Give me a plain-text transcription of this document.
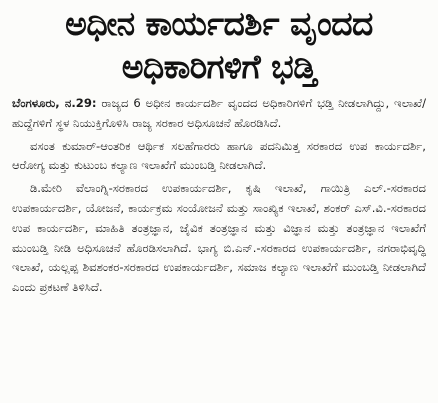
ಅಧೀನ ಕಾರ್ಯದರ್ಶಿ ವೃಂದದ
ಅಧಿಕಾರಿಗಳಿಗೆ ಭಡ್ತಿ

ಬೆಂಗಳೂರು, ನ.29: ರಾಜ್ಯದ 6 ಅಧೀನ ಕಾರ್ಯದರ್ಶಿ ವೃಂದದ ಅಧಿಕಾರಿಗಳಿಗೆ ಭಡ್ತಿ ನೀಡಲಾಗಿದ್ದು, ಇಲಾಖೆ/ಹುದ್ದೆಗಳಿಗೆ ಸ್ಥಳ ನಿಯುಕ್ತಿಗೊಳಿಸಿ ರಾಜ್ಯ ಸರಕಾರ ಅಧಿಸೂಚನೆ ಹೊರಡಿಸಿದೆ.

ವಸಂತ ಕುಮಾರ್-ಆಂತರಿಕ ಆರ್ಥಿಕ ಸಲಹೆಗಾರರು ಹಾಗೂ ಪದನಿಮಿತ್ತ ಸರಕಾರದ ಉಪ ಕಾರ್ಯದರ್ಶಿ, ಆರೋಗ್ಯ ಮತ್ತು ಕುಟುಂಬ ಕಲ್ಯಾಣ ಇಲಾಖೆಗೆ ಮುಂಬಡ್ತಿ ನೀಡಲಾಗಿದೆ.

ಡಿ.ಮೇರಿ ವೆಲಾಂಗ್ನಿ-ಸರಕಾರದ ಉಪಕಾರ್ಯದರ್ಶಿ, ಕೃಷಿ ಇಲಾಖೆ, ಗಾಯಿತ್ರಿ ಎಲ್.-ಸರಕಾರದ ಉಪಕಾರ್ಯದರ್ಶಿ, ಯೋಜನೆ, ಕಾರ್ಯಕ್ರಮ ಸಂಯೋಜನೆ ಮತ್ತು ಸಾಂಖ್ಯಿಕ ಇಲಾಖೆ, ಶಂಕರ್ ಎಸ್.ವಿ.-ಸರಕಾರದ ಉಪ ಕಾರ್ಯದರ್ಶಿ, ಮಾಹಿತಿ ತಂತ್ರಜ್ಞಾನ, ಜೈವಿಕ ತಂತ್ರಜ್ಞಾನ ಮತ್ತು ವಿಜ್ಞಾನ ಮತ್ತು ತಂತ್ರಜ್ಞಾನ ಇಲಾಖೆಗೆ ಮುಂಬಡ್ತಿ ನೀಡಿ ಅಧಿಸೂಚನೆ ಹೊರಡಿಸಲಾಗಿದೆ. ಭಾಗ್ಯ ಬಿ.ಎನ್.-ಸರಕಾರದ ಉಪಕಾರ್ಯದರ್ಶಿ, ನಗರಾಭಿವೃದ್ಧಿ ಇಲಾಖೆ, ಯಲ್ಲಪ್ಪ ಶಿವಶಂಕರ-ಸರಕಾರದ ಉಪಕಾರ್ಯದರ್ಶಿ, ಸಮಾಜ ಕಲ್ಯಾಣ ಇಲಾಖೆಗೆ ಮುಂಬಡ್ತಿ ನೀಡಲಾಗಿದೆ ಎಂದು ಪ್ರಕಟಣೆ ತಿಳಿಸಿದೆ.
